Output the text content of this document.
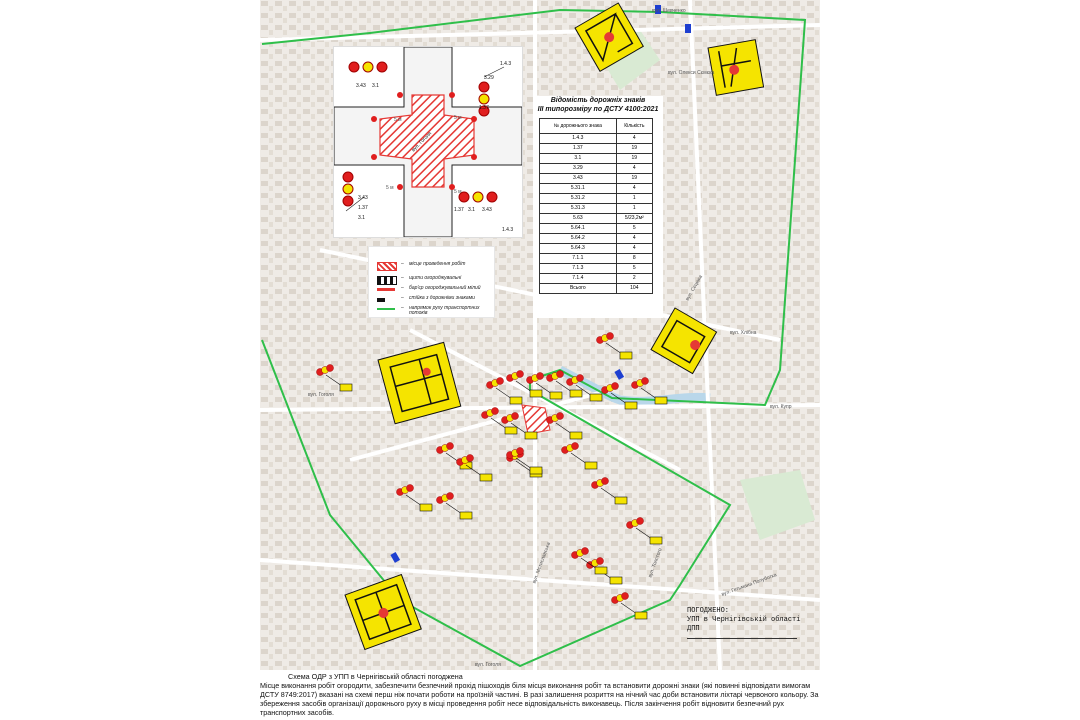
вул. Гоголя
вул. Олекси Сємєка
вул. Сєцюка
вул. Хлібна
вул. Купр
вул. Мстиславська	вул. Толстого
вул. Гоголя
вул. Шевченко
вул. Гетьмана Полуботка
вул. Гоголя
5 м	5 м
5 м
5 м
3.43 3.1
1.37
3.29
1.4.3
3.43
3.1
1.37
1.4.3
3.43
1.37
3.1
– місце проведення робіт
– щити огороджувальні
– бар'єр огороджувальний мілий
– стійка з дорожніми знаками
– напрямок руху транспортних потоків
Відомість дорожніх знаків
ІІІ типорозміру по ДСТУ 4100:2021
№ дорожнього знака	Кількість
1.4.3	4
1.37	19
3.1	19
3.29	4
3.43	19
5.31.1	4
5.31.2	1
5.31.3	1
5.63	5/23,2м²
5.64.1	5
5.64.2	4
5.64.3	4
7.1.1	8
7.1.3	5
7.1.4	2
Всього	104
ПОГОДЖЕНО:
УПП в Чернігівській області ДПП
Схема ОДР з УПП в Чернігівській області погоджена
Місце виконання робіт огородити, забезпечити безпечний прохід пішоходів біля місця виконання робіт та встановити дорожні знаки (які повинні відповідати вимогам ДСТУ 8749:2017) вказані на схемі перш ніж почати роботи на проїзній частині. В разі залишення розриття на нічний час доби встановити ліхтарі червоного кольору. За збереження засобів організації дорожнього руху в місці проведення робіт несе відповідальність виконавець. Після закінчення робіт відновити безпечний рух транспортних засобів.
